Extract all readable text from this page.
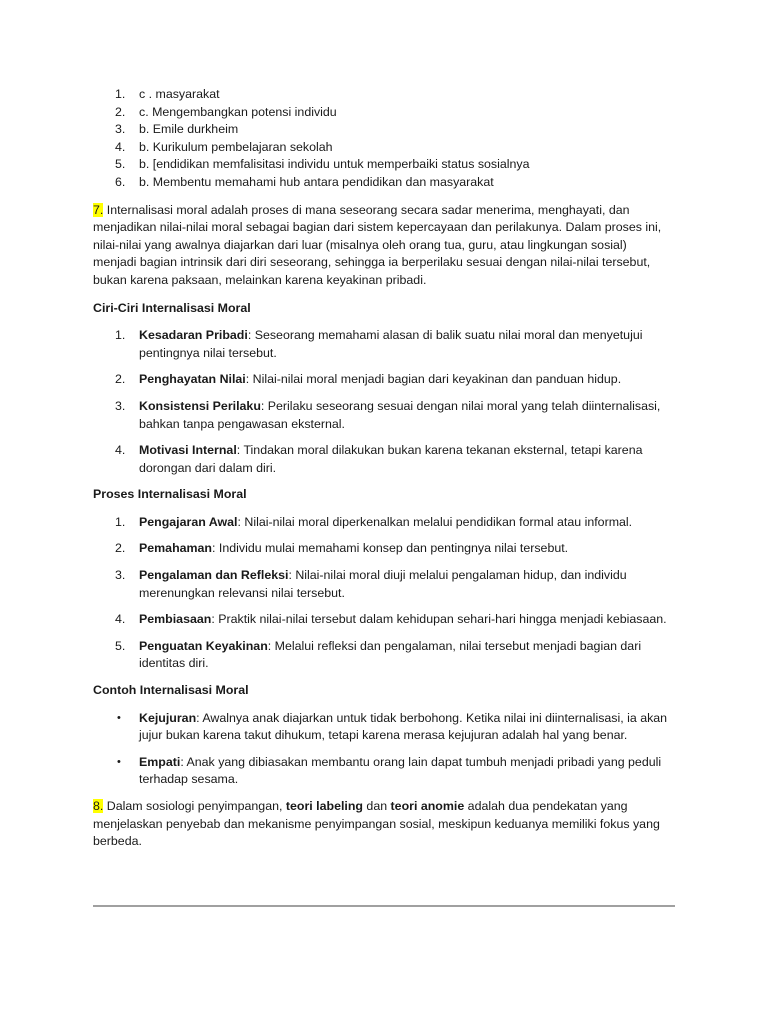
1.	c . masyarakat
2.	c. Mengembangkan potensi individu
3.	b. Emile durkheim
4.	b. Kurikulum pembelajaran sekolah
5.	b. [endidikan memfalisitasi individu untuk memperbaiki status sosialnya
6.	b. Membentu memahami hub antara pendidikan dan masyarakat

7. Internalisasi moral adalah proses di mana seseorang secara sadar menerima, menghayati, dan menjadikan nilai-nilai moral sebagai bagian dari sistem kepercayaan dan perilakunya. Dalam proses ini, nilai-nilai yang awalnya diajarkan dari luar (misalnya oleh orang tua, guru, atau lingkungan sosial) menjadi bagian intrinsik dari diri seseorang, sehingga ia berperilaku sesuai dengan nilai-nilai tersebut, bukan karena paksaan, melainkan karena keyakinan pribadi.

Ciri-Ciri Internalisasi Moral

1.	Kesadaran Pribadi: Seseorang memahami alasan di balik suatu nilai moral dan menyetujui pentingnya nilai tersebut.
2.	Penghayatan Nilai: Nilai-nilai moral menjadi bagian dari keyakinan dan panduan hidup.
3.	Konsistensi Perilaku: Perilaku seseorang sesuai dengan nilai moral yang telah diinternalisasi, bahkan tanpa pengawasan eksternal.
4.	Motivasi Internal: Tindakan moral dilakukan bukan karena tekanan eksternal, tetapi karena dorongan dari dalam diri.

Proses Internalisasi Moral

1.	Pengajaran Awal: Nilai-nilai moral diperkenalkan melalui pendidikan formal atau informal.
2.	Pemahaman: Individu mulai memahami konsep dan pentingnya nilai tersebut.
3.	Pengalaman dan Refleksi: Nilai-nilai moral diuji melalui pengalaman hidup, dan individu merenungkan relevansi nilai tersebut.
4.	Pembiasaan: Praktik nilai-nilai tersebut dalam kehidupan sehari-hari hingga menjadi kebiasaan.
5.	Penguatan Keyakinan: Melalui refleksi dan pengalaman, nilai tersebut menjadi bagian dari identitas diri.

Contoh Internalisasi Moral

• Kejujuran: Awalnya anak diajarkan untuk tidak berbohong. Ketika nilai ini diinternalisasi, ia akan jujur bukan karena takut dihukum, tetapi karena merasa kejujuran adalah hal yang benar.
• Empati: Anak yang dibiasakan membantu orang lain dapat tumbuh menjadi pribadi yang peduli terhadap sesama.

8. Dalam sosiologi penyimpangan, teori labeling dan teori anomie adalah dua pendekatan yang menjelaskan penyebab dan mekanisme penyimpangan sosial, meskipun keduanya memiliki fokus yang berbeda.
